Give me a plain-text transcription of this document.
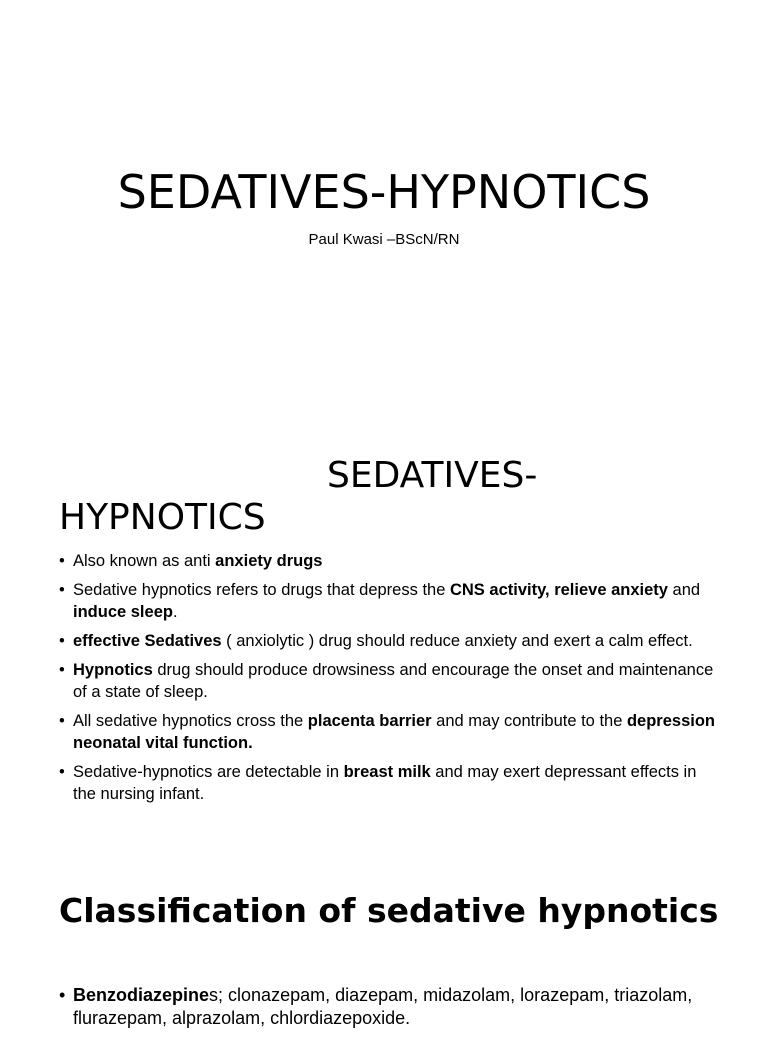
SEDATIVES-HYPNOTICS
Paul Kwasi –BScN/RN
SEDATIVES-
HYPNOTICS
• Also known as anti anxiety drugs
• Sedative hypnotics refers to drugs that depress the CNS activity, relieve anxiety and induce sleep.
• effective Sedatives ( anxiolytic ) drug should reduce anxiety and exert a calm effect.
• Hypnotics drug should produce drowsiness and encourage the onset and maintenance of a state of sleep.
• All sedative hypnotics cross the placenta barrier and may contribute to the depression neonatal vital function.
• Sedative-hypnotics are detectable in breast milk and may exert depressant effects in the nursing infant.
Classification of sedative hypnotics
• Benzodiazepines; clonazepam, diazepam, midazolam, lorazepam, triazolam, flurazepam, alprazolam, chlordiazepoxide.
